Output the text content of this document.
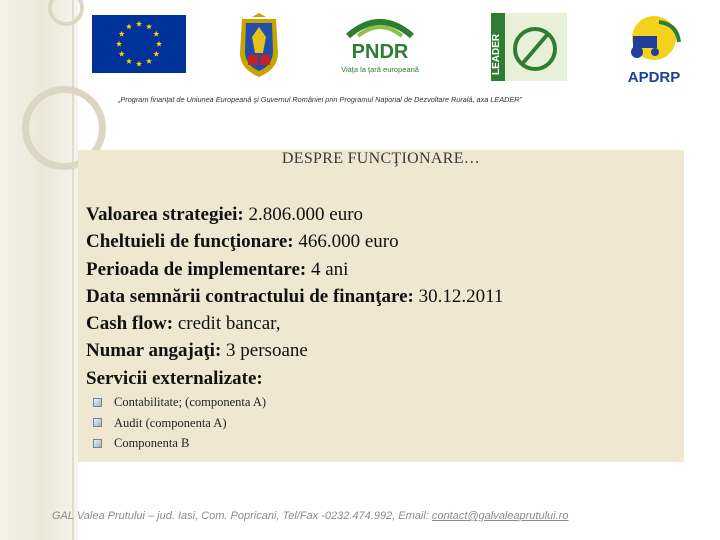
PNDR
Viaţa la ţară europeană	LEADER
APDRP
„Program finanţat de Uniunea Europeană şi Guvernul României prin Programul Naţional de Dezvoltare Rurală, axa LEADER”
DESPRE FUNCŢIONARE…
Valoarea strategiei: 2.806.000 euro
Cheltuieli de funcţionare: 466.000 euro
Perioada de implementare: 4 ani
Data semnării contractului de finanţare: 30.12.2011
Cash flow: credit bancar,
Numar angajaţi: 3 persoane
Servicii externalizate:
Contabilitate; (componenta A)
Audit (componenta A)
Componenta B
GAL Valea Prutului – jud. Iasi, Com. Popricani, Tel/Fax -0232.474.992, Email: contact@galvaleaprutului.ro
